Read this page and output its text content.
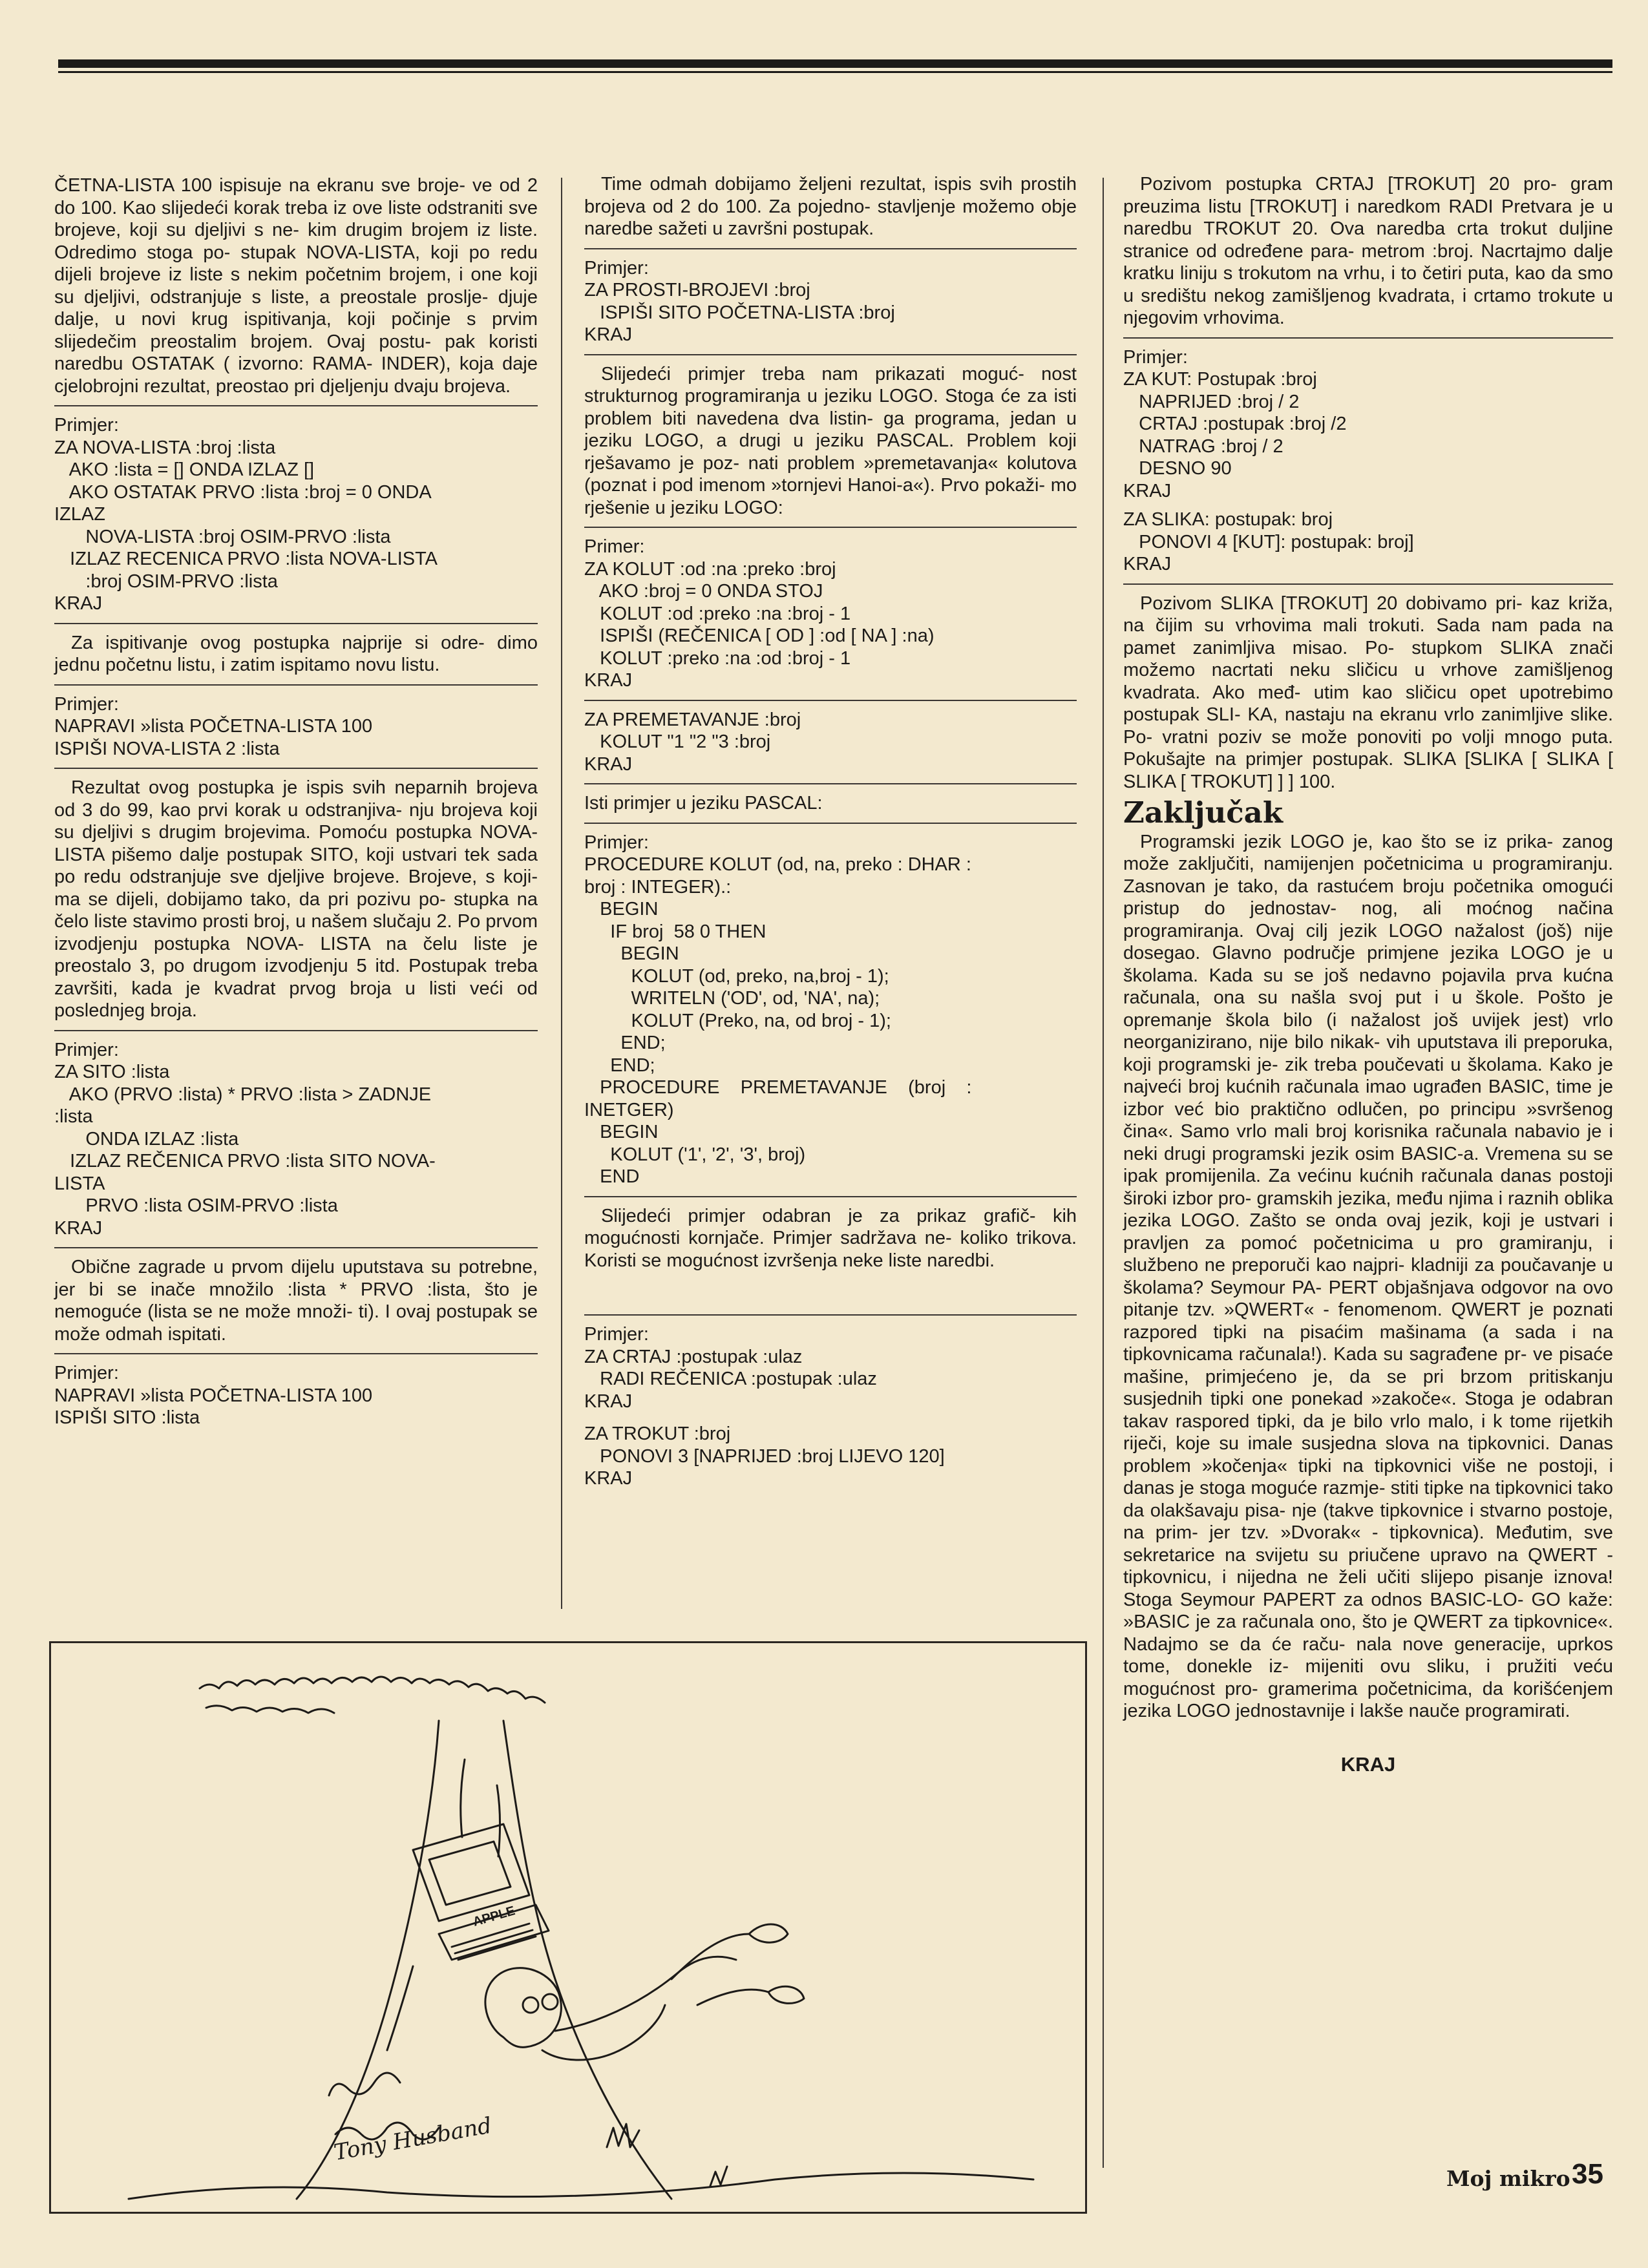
ČETNA-LISTA 100 ispisuje na ekranu sve broje- ve od 2 do 100. Kao slijedeći korak treba iz ove liste odstraniti sve brojeve, koji su djeljivi s ne- kim drugim brojem iz liste. Odredimo stoga po- stupak NOVA-LISTA, koji po redu dijeli brojeve iz liste s nekim početnim brojem, i one koji su djeljivi, odstranjuje s liste, a preostale proslje- djuje dalje, u novi krug ispitivanja, koji počinje s prvim slijedečim preostalim brojem. Ovaj postu- pak koristi naredbu OSTATAK ( izvorno: RAMA- INDER), koja daje cjelobrojni rezultat, preostao pri djeljenju dvaju brojeva.
Primjer:
ZA NOVA-LISTA :broj :lista
AKO :lista = [] ONDA IZLAZ []
AKO OSTATAK PRVO :lista :broj = 0 ONDA
IZLAZ
NOVA-LISTA :broj OSIM-PRVO :lista
IZLAZ RECENICA PRVO :lista NOVA-LISTA
:broj OSIM-PRVO :lista
KRAJ
Za ispitivanje ovog postupka najprije si odre- dimo jednu početnu listu, i zatim ispitamo novu listu.
Primjer:
NAPRAVI »lista POČETNA-LISTA 100
ISPIŠI NOVA-LISTA 2 :lista
Rezultat ovog postupka je ispis svih neparnih brojeva od 3 do 99, kao prvi korak u odstranjiva- nju brojeva koji su djeljivi s drugim brojevima. Pomoću postupka NOVA-LISTA pišemo dalje postupak SITO, koji ustvari tek sada po redu odstranjuje sve djeljive brojeve. Brojeve, s koji- ma se dijeli, dobijamo tako, da pri pozivu po- stupka na čelo liste stavimo prosti broj, u našem slučaju 2. Po prvom izvodjenju postupka NOVA- LISTA na čelu liste je preostalo 3, po drugom izvodjenju 5 itd. Postupak treba završiti, kada je kvadrat prvog broja u listi veći od poslednjeg broja.
Primjer:
ZA SITO :lista
AKO (PRVO :lista) * PRVO :lista > ZADNJE
:lista
ONDA IZLAZ :lista
IZLAZ REČENICA PRVO :lista SITO NOVA-
LISTA
PRVO :lista OSIM-PRVO :lista
KRAJ
Obične zagrade u prvom dijelu uputstava su potrebne, jer bi se inače množilo :lista * PRVO :lista, što je nemoguće (lista se ne može množi- ti). I ovaj postupak se može odmah ispitati.
Primjer:
NAPRAVI »lista POČETNA-LISTA 100
ISPIŠI SITO :lista
Time odmah dobijamo željeni rezultat, ispis svih prostih brojeva od 2 do 100. Za pojedno- stavljenje možemo obje naredbe sažeti u završni postupak.
Primjer:
ZA PROSTI-BROJEVI :broj
ISPIŠI SITO POČETNA-LISTA :broj
KRAJ
Slijedeći primjer treba nam prikazati moguć- nost strukturnog programiranja u jeziku LOGO. Stoga će za isti problem biti navedena dva listin- ga programa, jedan u jeziku LOGO, a drugi u jeziku PASCAL. Problem koji rješavamo je poz- nati problem »premetavanja« kolutova (poznat i pod imenom »tornjevi Hanoi-a«). Prvo pokaži- mo rješenie u jeziku LOGO:
Primer:
ZA KOLUT :od :na :preko :broj
AKO :broj = 0 ONDA STOJ
KOLUT :od :preko :na :broj - 1
ISPIŠI (REČENICA [ OD ] :od [ NA ] :na)
KOLUT :preko :na :od :broj - 1
KRAJ
ZA PREMETAVANJE :broj
KOLUT "1 "2 "3 :broj
KRAJ
Isti primjer u jeziku PASCAL:
Primjer:
PROCEDURE KOLUT (od, na, preko : DHAR :
broj : INTEGER).:
BEGIN
IF broj  58 0 THEN
BEGIN
KOLUT (od, preko, na,broj - 1);
WRITELN ('OD', od, 'NA', na);
KOLUT (Preko, na, od broj - 1);
END;
END;
PROCEDURE    PREMETAVANJE    (broj    :
INETGER)
BEGIN
KOLUT ('1', '2', '3', broj)
END
Slijedeći primjer odabran je za prikaz grafič- kih mogućnosti kornjače. Primjer sadržava ne- koliko trikova. Koristi se mogućnost izvršenja neke liste naredbi.
Primjer:
ZA CRTAJ :postupak :ulaz
RADI REČENICA :postupak :ulaz
KRAJ
ZA TROKUT :broj
PONOVI 3 [NAPRIJED :broj LIJEVO 120]
KRAJ
Pozivom postupka CRTAJ [TROKUT] 20 pro- gram preuzima listu [TROKUT] i naredkom RADI Pretvara je u naredbu TROKUT 20. Ova naredba crta trokut duljine stranice od određene para- metrom :broj. Nacrtajmo dalje kratku liniju s trokutom na vrhu, i to četiri puta, kao da smo u središtu nekog zamišljenog kvadrata, i crtamo trokute u njegovim vrhovima.
Primjer:
ZA KUT: Postupak :broj
NAPRIJED :broj / 2
CRTAJ :postupak :broj /2
NATRAG :broj / 2
DESNO 90
KRAJ
ZA SLIKA: postupak: broj
PONOVI 4 [KUT]: postupak: broj]
KRAJ
Pozivom SLIKA [TROKUT] 20 dobivamo pri- kaz križa, na čijim su vrhovima mali trokuti. Sada nam pada na pamet zanimljiva misao. Po- stupkom SLIKA znači možemo nacrtati neku sličicu u vrhove zamišljenog kvadrata. Ako međ- utim kao sličicu opet upotrebimo postupak SLI- KA, nastaju na ekranu vrlo zanimljive slike. Po- vratni poziv se može ponoviti po volji mnogo puta. Pokušajte na primjer postupak. SLIKA [SLIKA [ SLIKA [ SLIKA [ TROKUT] ] ] 100.
Zaključak
Programski jezik LOGO je, kao što se iz prika- zanog može zaključiti, namijenjen početnicima u programiranju. Zasnovan je tako, da rastućem broju početnika omogući pristup do jednostav- nog, ali moćnog načina programiranja. Ovaj cilj jezik LOGO nažalost (još) nije dosegao. Glavno područje primjene jezika LOGO je u školama. Kada su se još nedavno pojavila prva kućna računala, ona su našla svoj put i u škole. Pošto je opremanje škola bilo (i nažalost još uvijek jest) vrlo neorganizirano, nije bilo nikak- vih uputstava ili preporuka, koji programski je- zik treba poučevati u školama. Kako je najveći broj kućnih računala imao ugrađen BASIC, time je izbor već bio praktično odlučen, po principu »svršenog čina«. Samo vrlo mali broj korisnika računala nabavio je i neki drugi programski jezik osim BASIC-a. Vremena su se ipak promijenila. Za većinu kućnih računala danas postoji široki izbor pro- gramskih jezika, među njima i raznih oblika jezika LOGO. Zašto se onda ovaj jezik, koji je ustvari i pravljen za pomoć početnicima u pro gramiranju, i službeno ne preporuči kao najpri- kladniji za poučavanje u školama? Seymour PA- PERT objašnjava odgovor na ovo pitanje tzv. »QWERT« - fenomenom. QWERT je poznati razpored tipki na pisaćim mašinama (a sada i na tipkovnicama računala!). Kada su sagrađene pr- ve pisaće mašine, primjećeno je, da se pri brzom pritiskanju susjednih tipki one ponekad »zakoče«. Stoga je odabran takav raspored tipki, da je bilo vrlo malo, i k tome rijetkih riječi, koje su imale susjedna slova na tipkovnici. Danas problem »kočenja« tipki na tipkovnici više ne postoji, i danas je stoga moguće razmje- stiti tipke na tipkovnici tako da olakšavaju pisa- nje (takve tipkovnice i stvarno postoje, na prim- jer tzv. »Dvorak« - tipkovnica). Međutim, sve sekretarice na svijetu su priučene upravo na QWERT - tipkovnicu, i nijedna ne želi učiti slijepo pisanje iznova! Stoga Seymour PAPERT za odnos BASIC-LO- GO kaže: »BASIC je za računala ono, što je QWERT za tipkovnice«. Nadajmo se da će raču- nala nove generacije, uprkos tome, donekle iz- mijeniti ovu sliku, i pružiti veću mogućnost pro- gramerima početnicima, da korišćenjem jezika LOGO jednostavnije i lakše nauče programirati.
KRAJ
APPLE
Tony Husband
Moj mikro 35
